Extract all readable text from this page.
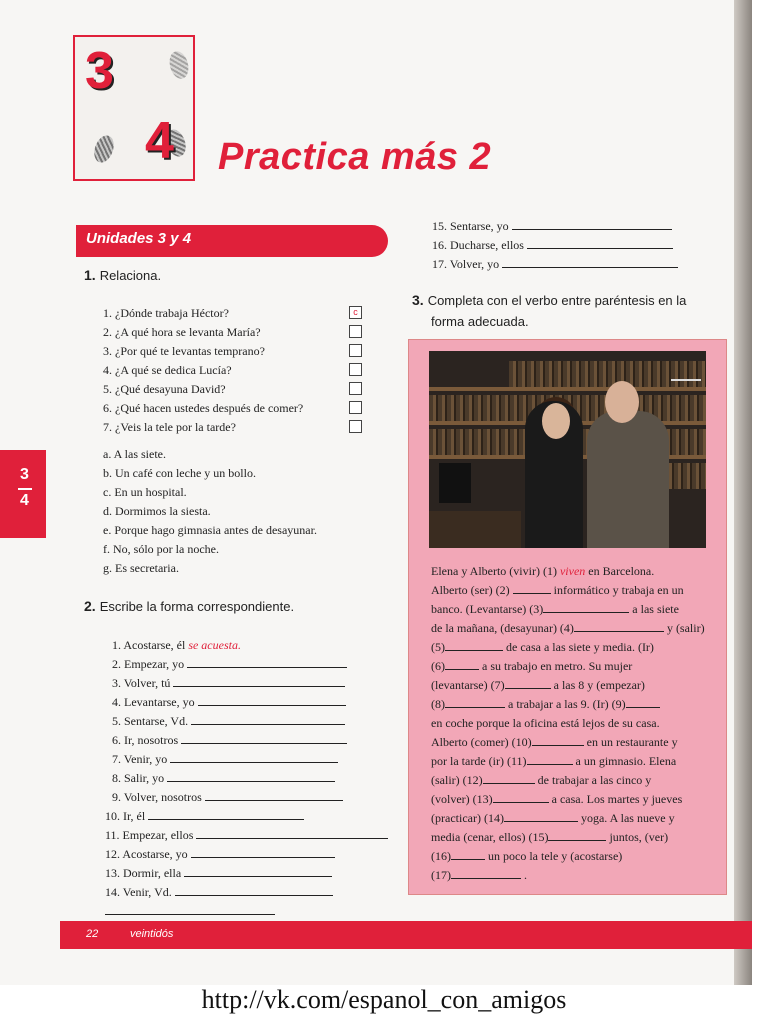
3
4 Practica más 2
Unidades 3 y 4
3
4
1. Relaciona.
1. ¿Dónde trabaja Héctor?
2. ¿A qué hora se levanta María?
3. ¿Por qué te levantas temprano?
4. ¿A qué se dedica Lucía?
5. ¿Qué desayuna David?
6. ¿Qué hacen ustedes después de comer?
7. ¿Veis la tele por la tarde?
c
a. A las siete.
b. Un café con leche y un bollo.
c. En un hospital.
d. Dormimos la siesta.
e. Porque hago gimnasia antes de desayunar.
f. No, sólo por la noche.
g. Es secretaria.
2. Escribe la forma correspondiente.
1. Acostarse, él se acuesta.
2. Empezar, yo
3. Volver, tú
4. Levantarse, yo
5. Sentarse, Vd.
6. Ir, nosotros
7. Venir, yo
8. Salir, yo
9. Volver, nosotros
10. Ir, él
11. Empezar, ellos
12. Acostarse, yo
13. Dormir, ella
14. Venir, Vd.
15. Sentarse, yo
16. Ducharse, ellos
17. Volver, yo
3. Completa con el verbo entre paréntesis en la
forma adecuada.
Elena y Alberto (vivir) (1) viven en Barcelona.
Alberto (ser) (2)	informático y trabaja en un
banco. (Levantarse) (3)	a las siete
de la mañana, (desayunar) (4)	y (salir)
(5)	de casa a las siete y media. (Ir)
(6)	a su trabajo en metro. Su mujer
(levantarse) (7)	a las 8 y (empezar)
(8)	a trabajar a las 9. (Ir) (9)
en coche porque la oficina está lejos de su casa.
Alberto (comer) (10)	en un restaurante y
por la tarde (ir) (11)	a un gimnasio. Elena
(salir) (12)	de trabajar a las cinco y
(volver) (13)	a casa. Los martes y jueves
(practicar) (14)	yoga. A las nueve y
media (cenar, ellos) (15)	juntos, (ver)
(16)	un poco la tele y (acostarse)
(17)	.
22	veintidós
http://vk.com/espanol_con_amigos
